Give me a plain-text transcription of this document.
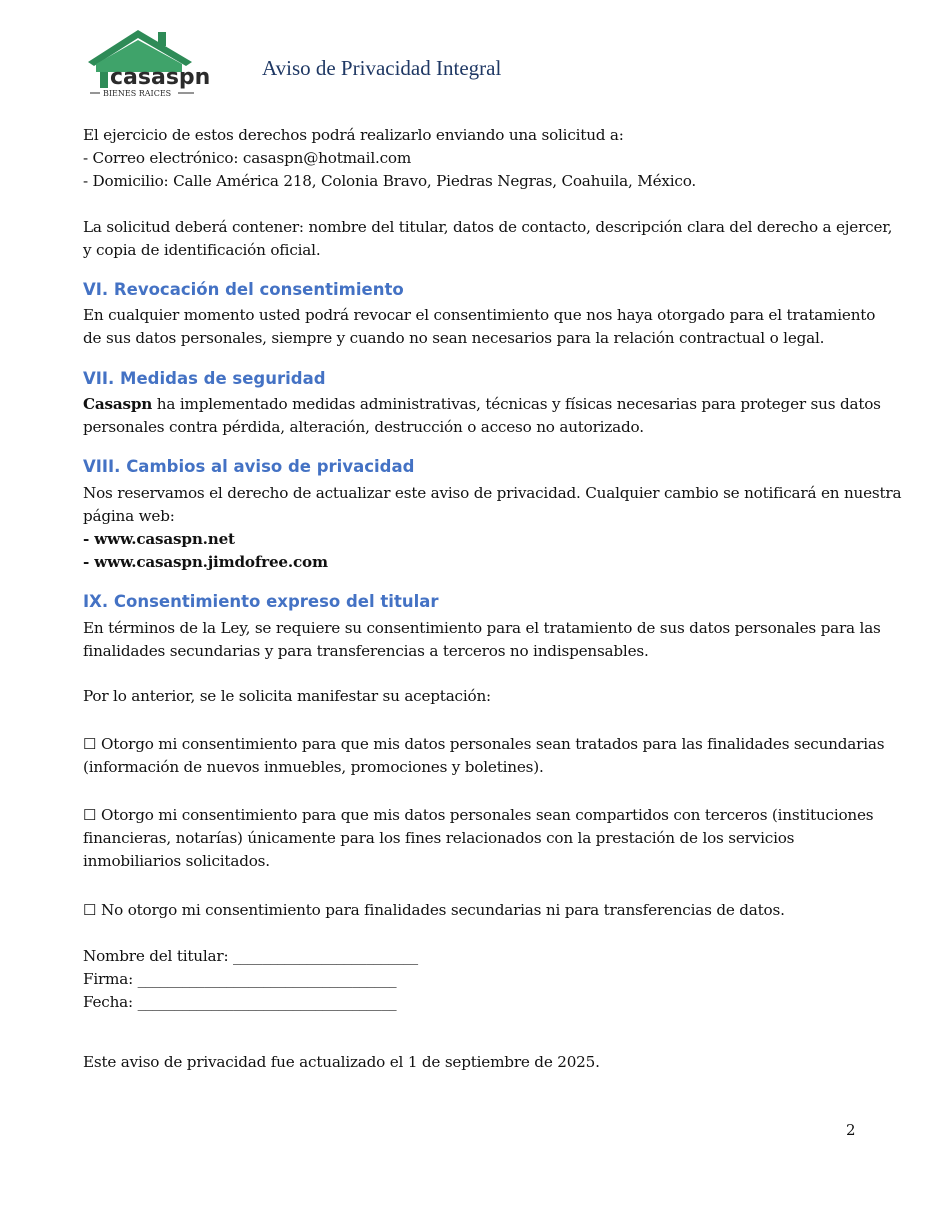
casaspn
BIENES RAICES
Aviso de Privacidad Integral
El ejercicio de estos derechos podrá realizarlo enviando una solicitud a:
- Correo electrónico: casaspn@hotmail.com
- Domicilio: Calle América 218, Colonia Bravo, Piedras Negras, Coahuila, México.
La solicitud deberá contener: nombre del titular, datos de contacto, descripción clara del derecho a ejercer,
y copia de identificación oficial.
VI. Revocación del consentimiento
En cualquier momento usted podrá revocar el consentimiento que nos haya otorgado para el tratamiento
de sus datos personales, siempre y cuando no sean necesarios para la relación contractual o legal.
VII. Medidas de seguridad
Casaspn ha implementado medidas administrativas, técnicas y físicas necesarias para proteger sus datos
personales contra pérdida, alteración, destrucción o acceso no autorizado.
VIII. Cambios al aviso de privacidad
Nos reservamos el derecho de actualizar este aviso de privacidad. Cualquier cambio se notificará en nuestra
página web:
- www.casaspn.net
- www.casaspn.jimdofree.com
IX. Consentimiento expreso del titular
En términos de la Ley, se requiere su consentimiento para el tratamiento de sus datos personales para las
finalidades secundarias y para transferencias a terceros no indispensables.
Por lo anterior, se le solicita manifestar su aceptación:
☐ Otorgo mi consentimiento para que mis datos personales sean tratados para las finalidades secundarias
(información de nuevos inmuebles, promociones y boletines).
☐ Otorgo mi consentimiento para que mis datos personales sean compartidos con terceros (instituciones
financieras, notarías) únicamente para los fines relacionados con la prestación de los servicios
inmobiliarios solicitados.
☐ No otorgo mi consentimiento para finalidades secundarias ni para transferencias de datos.
Nombre del titular: _________________________
Firma: ___________________________________
Fecha: ___________________________________
Este aviso de privacidad fue actualizado el 1 de septiembre de 2025.
2
